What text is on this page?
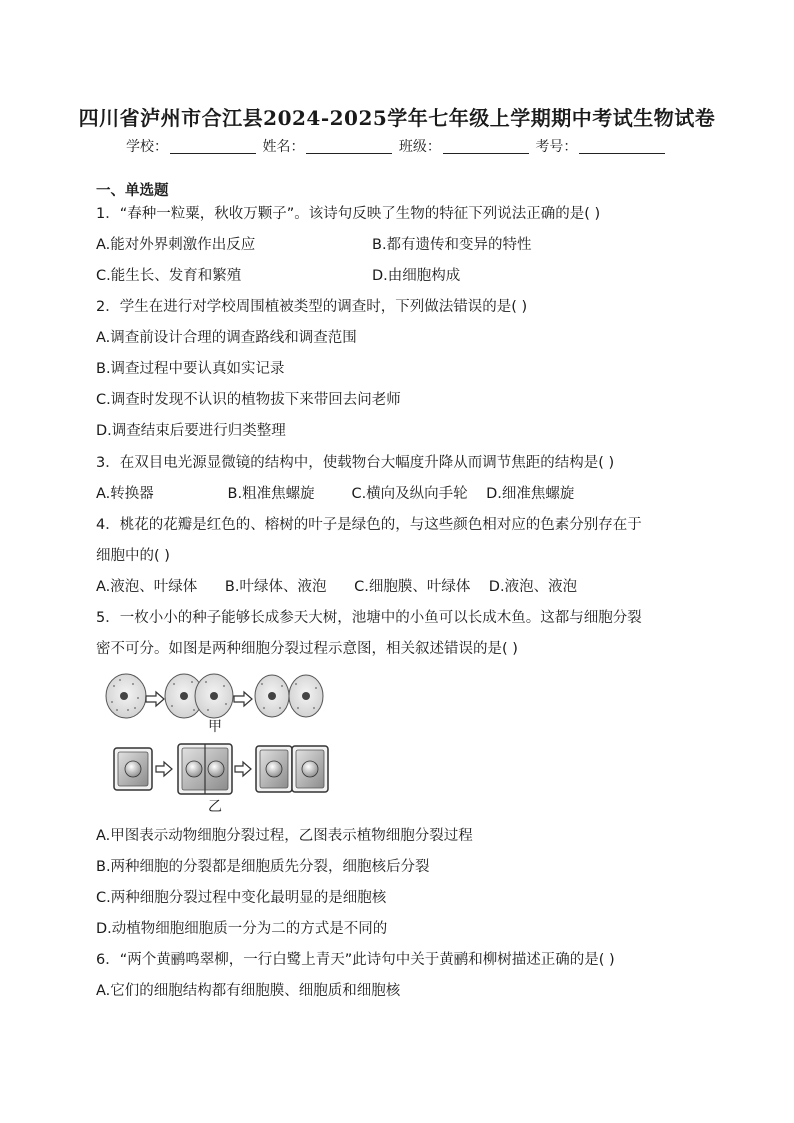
四川省泸州市合江县2024-2025学年七年级上学期期中考试生物试卷
学校：	姓名：	班级：	考号：
一、单选题
1．“春种一粒粟，秋收万颗子”。该诗句反映了生物的特征下列说法正确的是( )
A.能对外界刺激作出反应	B.都有遗传和变异的特性
C.能生长、发育和繁殖	D.由细胞构成
2．学生在进行对学校周围植被类型的调查时，下列做法错误的是( )
A.调查前设计合理的调查路线和调查范围
B.调查过程中要认真如实记录
C.调查时发现不认识的植物拔下来带回去问老师
D.调查结束后要进行归类整理
3．在双目电光源显微镜的结构中，使载物台大幅度升降从而调节焦距的结构是( )
A.转换器                B.粗准焦螺旋        C.横向及纵向手轮    D.细准焦螺旋
4．桃花的花瓣是红色的、榕树的叶子是绿色的，与这些颜色相对应的色素分别存在于
细胞中的( )
A.液泡、叶绿体      B.叶绿体、液泡      C.细胞膜、叶绿体    D.液泡、液泡
5．一枚小小的种子能够长成参天大树，池塘中的小鱼可以长成木鱼。这都与细胞分裂
密不可分。如图是两种细胞分裂过程示意图，相关叙述错误的是( )
甲
乙
A.甲图表示动物细胞分裂过程，乙图表示植物细胞分裂过程
B.两种细胞的分裂都是细胞质先分裂，细胞核后分裂
C.两种细胞分裂过程中变化最明显的是细胞核
D.动植物细胞细胞质一分为二的方式是不同的
6．“两个黄鹂鸣翠柳，一行白鹭上青天”此诗句中关于黄鹂和柳树描述正确的是( )
A.它们的细胞结构都有细胞膜、细胞质和细胞核
